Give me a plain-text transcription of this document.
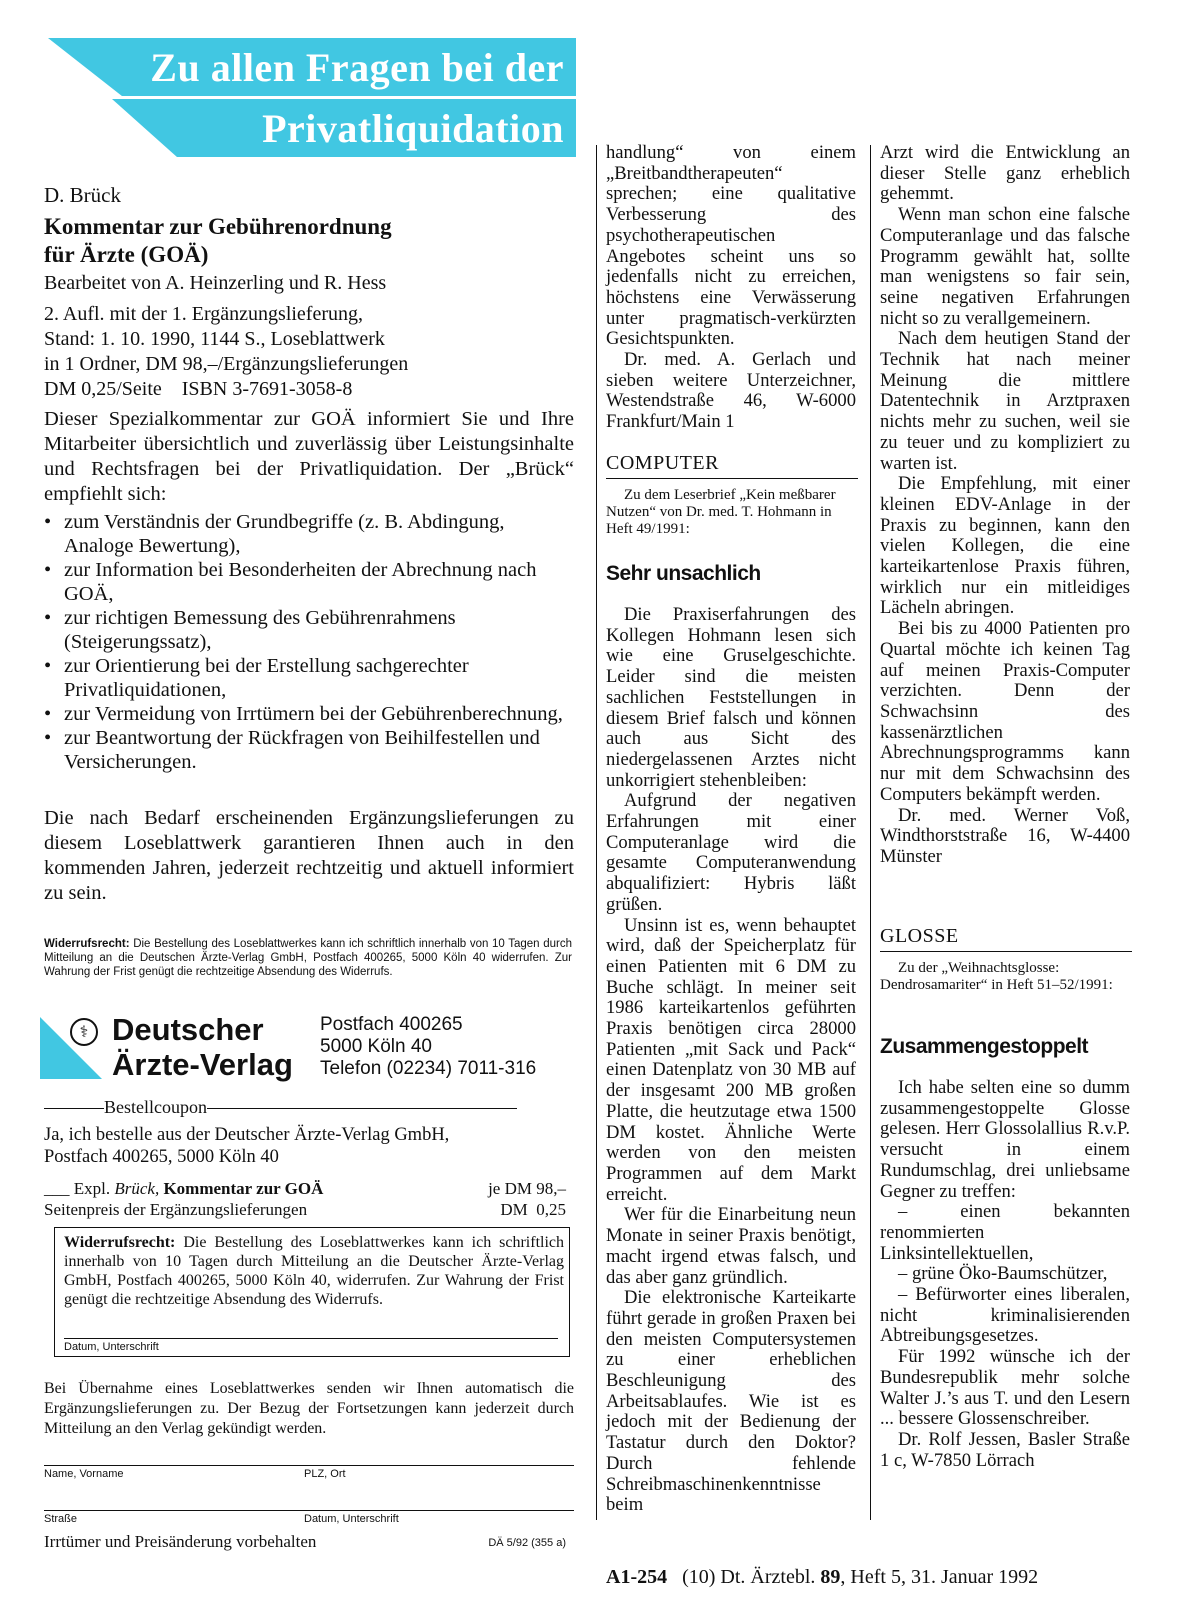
Zu allen Fragen bei der
Privatliquidation
D. Brück
Kommentar zur Gebührenordnung
für Ärzte (GOÄ)
Bearbeitet von A. Heinzerling und R. Hess
2. Aufl. mit der 1. Ergänzungslieferung,
Stand: 1. 10. 1990, 1144 S., Loseblattwerk
in 1 Ordner, DM 98,–/Ergänzungslieferungen
DM 0,25/Seite    ISBN 3-7691-3058-8
Dieser Spezialkommentar zur GOÄ informiert Sie und Ihre Mitarbeiter übersichtlich und zuverlässig über Leistungsinhalte und Rechtsfragen bei der Privatliquidation. Der „Brück“ empfiehlt sich:
• zum Verständnis der Grundbegriffe (z. B. Abdingung, Analoge Bewertung),
• zur Information bei Besonderheiten der Abrechnung nach GOÄ,
• zur richtigen Bemessung des Gebührenrahmens (Steigerungssatz),
• zur Orientierung bei der Erstellung sachgerechter Privatliquidationen,
• zur Vermeidung von Irrtümern bei der Gebührenberechnung,
• zur Beantwortung der Rückfragen von Beihilfestellen und Versicherungen.
Die nach Bedarf erscheinenden Ergänzungslieferungen zu diesem Loseblattwerk garantieren Ihnen auch in den kommenden Jahren, jederzeit rechtzeitig und aktuell informiert zu sein.
Widerrufsrecht: Die Bestellung des Loseblattwerkes kann ich schriftlich innerhalb von 10 Tagen durch Mitteilung an die Deutschen Ärzte-Verlag GmbH, Postfach 400265, 5000 Köln 40 widerrufen. Zur Wahrung der Frist genügt die rechtzeitige Absendung des Widerrufs.
⚕ Deutscher
Ärzte-Verlag
Postfach 400265
5000 Köln 40
Telefon (02234) 7011-316
Bestellcoupon
Ja, ich bestelle aus der Deutscher Ärzte-Verlag GmbH,
Postfach 400265, 5000 Köln 40
___ Expl. Brück, Kommentar zur GOÄ	je DM 98,–
Seitenpreis der Ergänzungslieferungen	DM  0,25
Widerrufsrecht: Die Bestellung des Loseblattwerkes kann ich schriftlich innerhalb von 10 Tagen durch Mitteilung an die Deutscher Ärzte-Verlag GmbH, Postfach 400265, 5000 Köln 40, widerrufen. Zur Wahrung der Frist genügt die rechtzeitige Absendung des Widerrufs.
Datum, Unterschrift
Bei Übernahme eines Loseblattwerkes senden wir Ihnen automatisch die Ergänzungslieferungen zu. Der Bezug der Fortsetzungen kann jederzeit durch Mitteilung an den Verlag gekündigt werden.
Name, Vorname	PLZ, Ort
Straße	Datum, Unterschrift
Irrtümer und Preisänderung vorbehalten	DÄ 5/92 (355 a)

handlung“ von einem „Breitbandtherapeuten“ sprechen; eine qualitative Verbesserung des psychotherapeutischen Angebotes scheint uns so jedenfalls nicht zu erreichen, höchstens eine Verwässerung unter pragmatisch-verkürzten Gesichtspunkten.

Dr. med. A. Gerlach und sieben weitere Unterzeichner, Westendstraße 46, W-6000 Frankfurt/Main 1

COMPUTER
Zu dem Leserbrief „Kein meßbarer Nutzen“ von Dr. med. T. Hohmann in Heft 49/1991:
Sehr unsachlich

Die Praxiserfahrungen des Kollegen Hohmann lesen sich wie eine Gruselgeschichte. Leider sind die meisten sachlichen Feststellungen in diesem Brief falsch und können auch aus Sicht des niedergelassenen Arztes nicht unkorrigiert stehenbleiben:

Aufgrund der negativen Erfahrungen mit einer Computeranlage wird die gesamte Computeranwendung abqualifiziert: Hybris läßt grüßen.

Unsinn ist es, wenn behauptet wird, daß der Speicherplatz für einen Patienten mit 6 DM zu Buche schlägt. In meiner seit 1986 karteikartenlos geführten Praxis benötigen circa 28000 Patienten „mit Sack und Pack“ einen Datenplatz von 30 MB auf der insgesamt 200 MB großen Platte, die heutzutage etwa 1500 DM kostet. Ähnliche Werte werden von den meisten Programmen auf dem Markt erreicht.

Wer für die Einarbeitung neun Monate in seiner Praxis benötigt, macht irgend etwas falsch, und das aber ganz gründlich.

Die elektronische Karteikarte führt gerade in großen Praxen bei den meisten Computersystemen zu einer erheblichen Beschleunigung des Arbeitsablaufes. Wie ist es jedoch mit der Bedienung der Tastatur durch den Doktor? Durch fehlende Schreibmaschinenkenntnisse beim

Arzt wird die Entwicklung an dieser Stelle ganz erheblich gehemmt.

Wenn man schon eine falsche Computeranlage und das falsche Programm gewählt hat, sollte man wenigstens so fair sein, seine negativen Erfahrungen nicht so zu verallgemeinern.

Nach dem heutigen Stand der Technik hat nach meiner Meinung die mittlere Datentechnik in Arztpraxen nichts mehr zu suchen, weil sie zu teuer und zu kompliziert zu warten ist.

Die Empfehlung, mit einer kleinen EDV-Anlage in der Praxis zu beginnen, kann den vielen Kollegen, die eine karteikartenlose Praxis führen, wirklich nur ein mitleidiges Lächeln abringen.

Bei bis zu 4000 Patienten pro Quartal möchte ich keinen Tag auf meinen Praxis-Computer verzichten. Denn der Schwachsinn des kassenärztlichen Abrechnungsprogramms kann nur mit dem Schwachsinn des Computers bekämpft werden.

Dr. med. Werner Voß, Windthorststraße 16, W-4400 Münster

GLOSSE
Zu der „Weihnachtsglosse: Dendrosamariter“ in Heft 51–52/1991:
Zusammengestoppelt

Ich habe selten eine so dumm zusammengestoppelte Glosse gelesen. Herr Glossolallius R.v.P. versucht in einem Rundumschlag, drei unliebsame Gegner zu treffen:

– einen bekannten renommierten Linksintellektuellen,

– grüne Öko-Baumschützer,

– Befürworter eines liberalen, nicht kriminalisierenden Abtreibungsgesetzes.

Für 1992 wünsche ich der Bundesrepublik mehr solche Walter J.’s aus T. und den Lesern ... bessere Glossenschreiber.

Dr. Rolf Jessen, Basler Straße 1 c, W-7850 Lörrach

A1-254 (10) Dt. Ärztebl. 89, Heft 5, 31. Januar 1992
